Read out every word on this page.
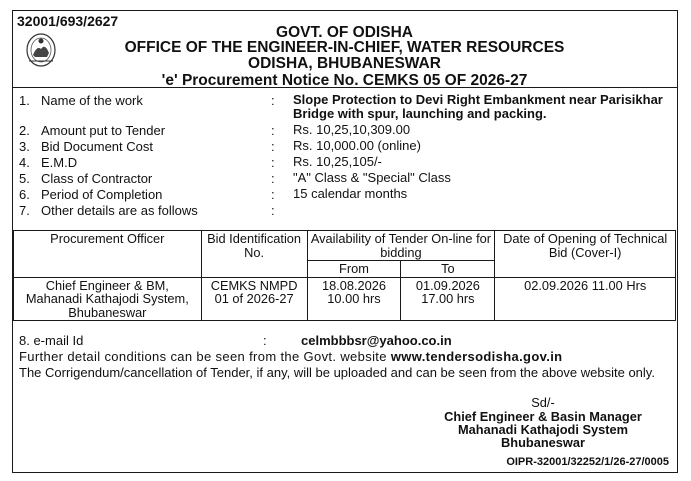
32001/693/2627
GOVT. OF ODISHA
OFFICE OF THE ENGINEER-IN-CHIEF, WATER RESOURCES
ODISHA, BHUBANESWAR
'e' Procurement Notice No. CEMKS 05 OF 2026-27
1. Name of the work	: Slope Protection to Devi Right Embankment near Parisikhar Bridge with spur, launching and packing.
2. Amount put to Tender	: Rs. 10,25,10,309.00
3. Bid Document Cost	: Rs. 10,000.00 (online)
4. E.M.D	: Rs. 10,25,105/-
5. Class of Contractor	: "A" Class & "Special" Class
6. Period of Completion	: 15 calendar months
7. Other details are as follows	:
Procurement Officer	Bid Identification No.	Availability of Tender On-line for bidding		Date of Opening of Technical Bid (Cover-I)
		From	To	
Chief Engineer & BM, Mahanadi Kathajodi System, Bhubaneswar	CEMKS NMPD 01 of 2026-27	18.08.2026 10.00 hrs	01.09.2026 17.00 hrs	02.09.2026 11.00 Hrs
8. e-mail Id	:	celmbbbsr@yahoo.co.in
Further detail conditions can be seen from the Govt. website www.tendersodisha.gov.in
The Corrigendum/cancellation of Tender, if any, will be uploaded and can be seen from the above website only.
Sd/-
Chief Engineer & Basin Manager
Mahanadi Kathajodi System
Bhubaneswar
OIPR-32001/32252/1/26-27/0005
